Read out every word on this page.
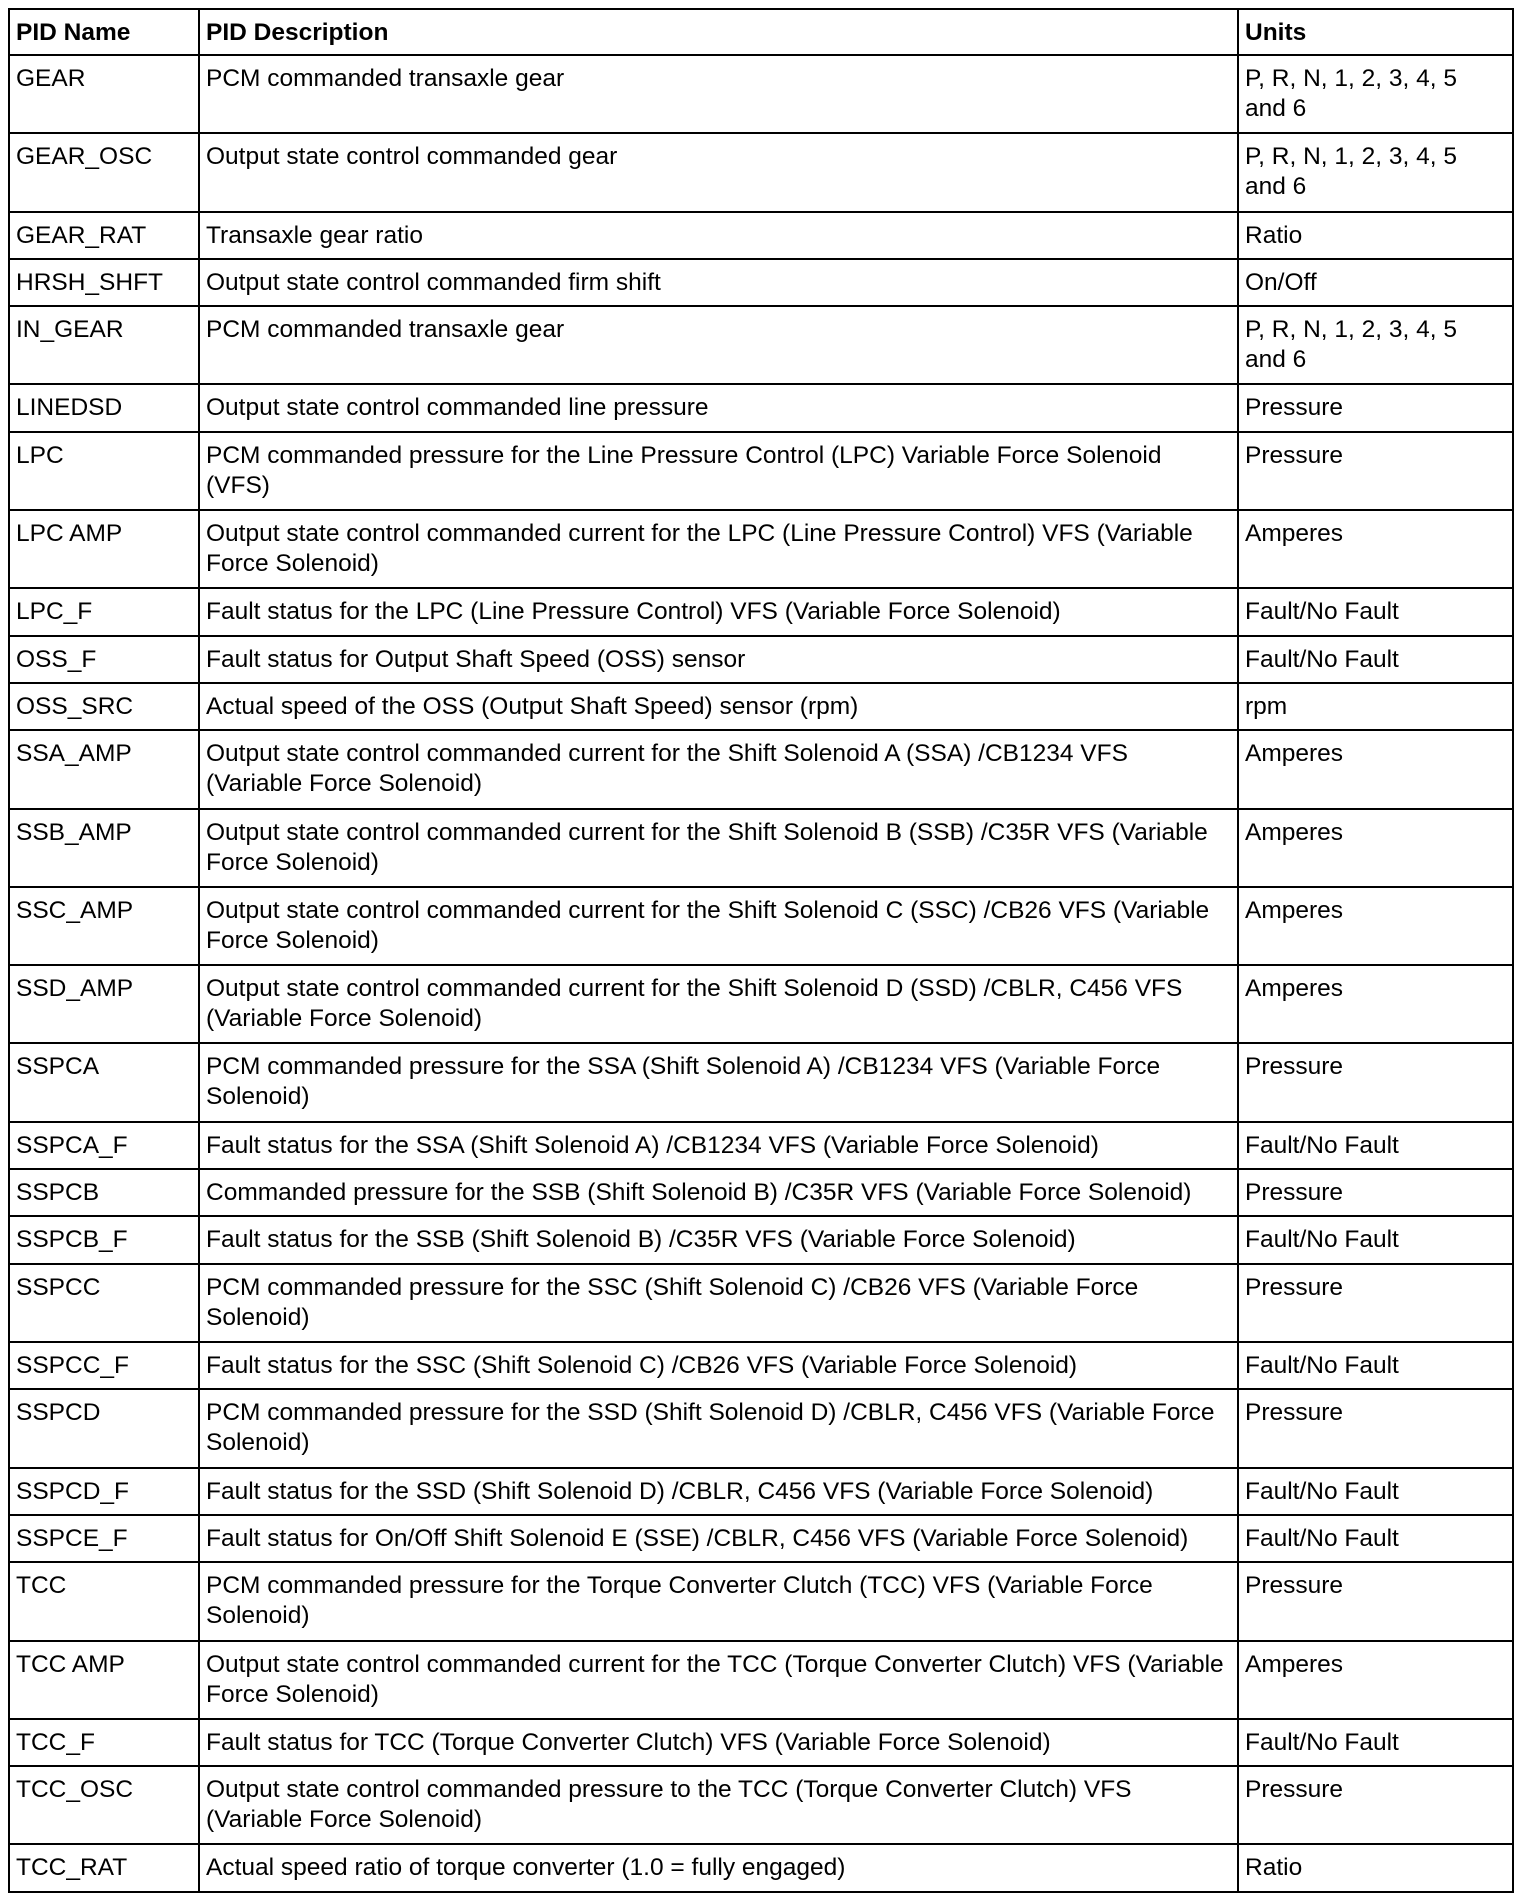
PID Name	PID Description	Units
GEAR	PCM commanded transaxle gear	P, R, N, 1, 2, 3, 4, 5 and 6
GEAR_OSC	Output state control commanded gear	P, R, N, 1, 2, 3, 4, 5 and 6
GEAR_RAT	Transaxle gear ratio	Ratio
HRSH_SHFT	Output state control commanded firm shift	On/Off
IN_GEAR	PCM commanded transaxle gear	P, R, N, 1, 2, 3, 4, 5 and 6
LINEDSD	Output state control commanded line pressure	Pressure
LPC	PCM commanded pressure for the Line Pressure Control (LPC) Variable Force Solenoid (VFS)	Pressure
LPC AMP	Output state control commanded current for the LPC (Line Pressure Control) VFS (Variable Force Solenoid)	Amperes
LPC_F	Fault status for the LPC (Line Pressure Control) VFS (Variable Force Solenoid)	Fault/No Fault
OSS_F	Fault status for Output Shaft Speed (OSS) sensor	Fault/No Fault
OSS_SRC	Actual speed of the OSS (Output Shaft Speed) sensor (rpm)	rpm
SSA_AMP	Output state control commanded current for the Shift Solenoid A (SSA) /CB1234 VFS (Variable Force Solenoid)	Amperes
SSB_AMP	Output state control commanded current for the Shift Solenoid B (SSB) /C35R VFS (Variable Force Solenoid)	Amperes
SSC_AMP	Output state control commanded current for the Shift Solenoid C (SSC) /CB26 VFS (Variable Force Solenoid)	Amperes
SSD_AMP	Output state control commanded current for the Shift Solenoid D (SSD) /CBLR, C456 VFS (Variable Force Solenoid)	Amperes
SSPCA	PCM commanded pressure for the SSA (Shift Solenoid A) /CB1234 VFS (Variable Force Solenoid)	Pressure
SSPCA_F	Fault status for the SSA (Shift Solenoid A) /CB1234 VFS (Variable Force Solenoid)	Fault/No Fault
SSPCB	Commanded pressure for the SSB (Shift Solenoid B) /C35R VFS (Variable Force Solenoid)	Pressure
SSPCB_F	Fault status for the SSB (Shift Solenoid B) /C35R VFS (Variable Force Solenoid)	Fault/No Fault
SSPCC	PCM commanded pressure for the SSC (Shift Solenoid C) /CB26 VFS (Variable Force Solenoid)	Pressure
SSPCC_F	Fault status for the SSC (Shift Solenoid C) /CB26 VFS (Variable Force Solenoid)	Fault/No Fault
SSPCD	PCM commanded pressure for the SSD (Shift Solenoid D) /CBLR, C456 VFS (Variable Force Solenoid)	Pressure
SSPCD_F	Fault status for the SSD (Shift Solenoid D) /CBLR, C456 VFS (Variable Force Solenoid)	Fault/No Fault
SSPCE_F	Fault status for On/Off Shift Solenoid E (SSE) /CBLR, C456 VFS (Variable Force Solenoid)	Fault/No Fault
TCC	PCM commanded pressure for the Torque Converter Clutch (TCC) VFS (Variable Force Solenoid)	Pressure
TCC AMP	Output state control commanded current for the TCC (Torque Converter Clutch) VFS (Variable Force Solenoid)	Amperes
TCC_F	Fault status for TCC (Torque Converter Clutch) VFS (Variable Force Solenoid)	Fault/No Fault
TCC_OSC	Output state control commanded pressure to the TCC (Torque Converter Clutch) VFS (Variable Force Solenoid)	Pressure
TCC_RAT	Actual speed ratio of torque converter (1.0 = fully engaged)	Ratio
